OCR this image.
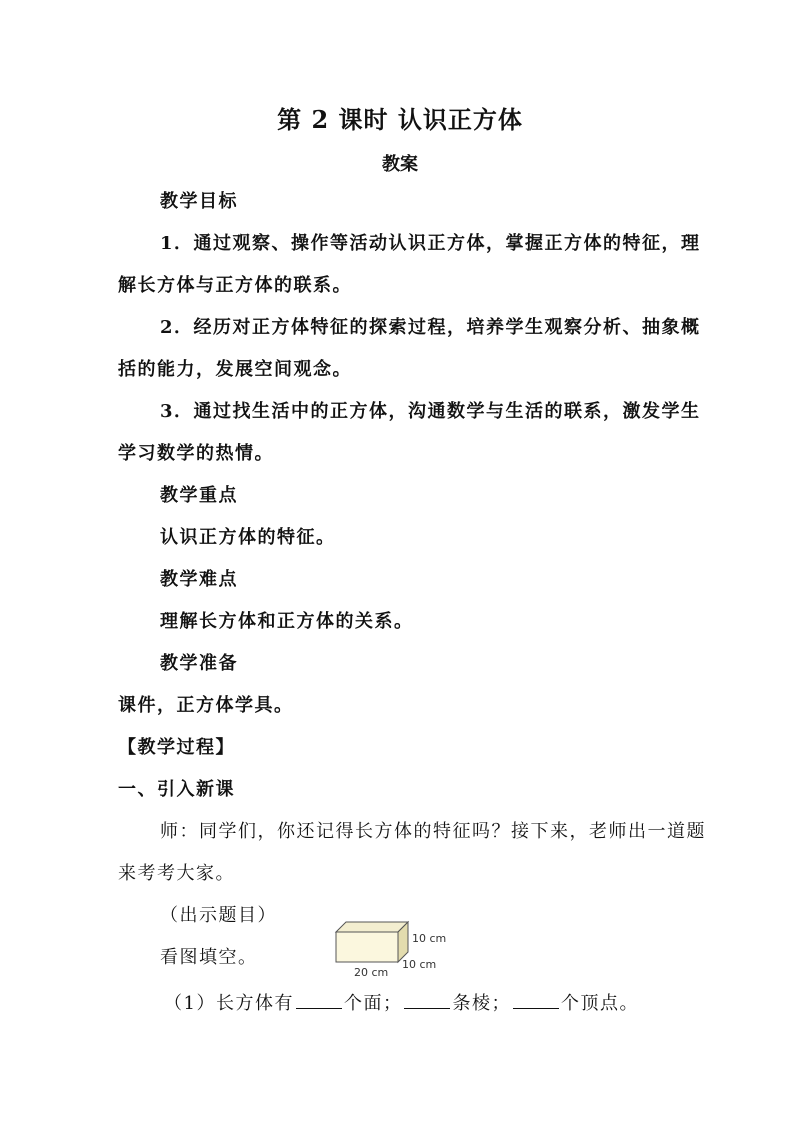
第 2 课时 认识正方体
教案
教学目标
1．通过观察、操作等活动认识正方体，掌握正方体的特征，理
解长方体与正方体的联系。
2．经历对正方体特征的探索过程，培养学生观察分析、抽象概
括的能力，发展空间观念。
3．通过找生活中的正方体，沟通数学与生活的联系，激发学生
学习数学的热情。
教学重点
认识正方体的特征。
教学难点
理解长方体和正方体的关系。
教学准备
课件，正方体学具。
【教学过程】
一、引入新课
师：同学们，你还记得长方体的特征吗？接下来，老师出一道题
来考考大家。
（出示题目）
看图填空。
10 cm
10 cm
20 cm
（1）长方体有	个面；	条棱；	个顶点。
